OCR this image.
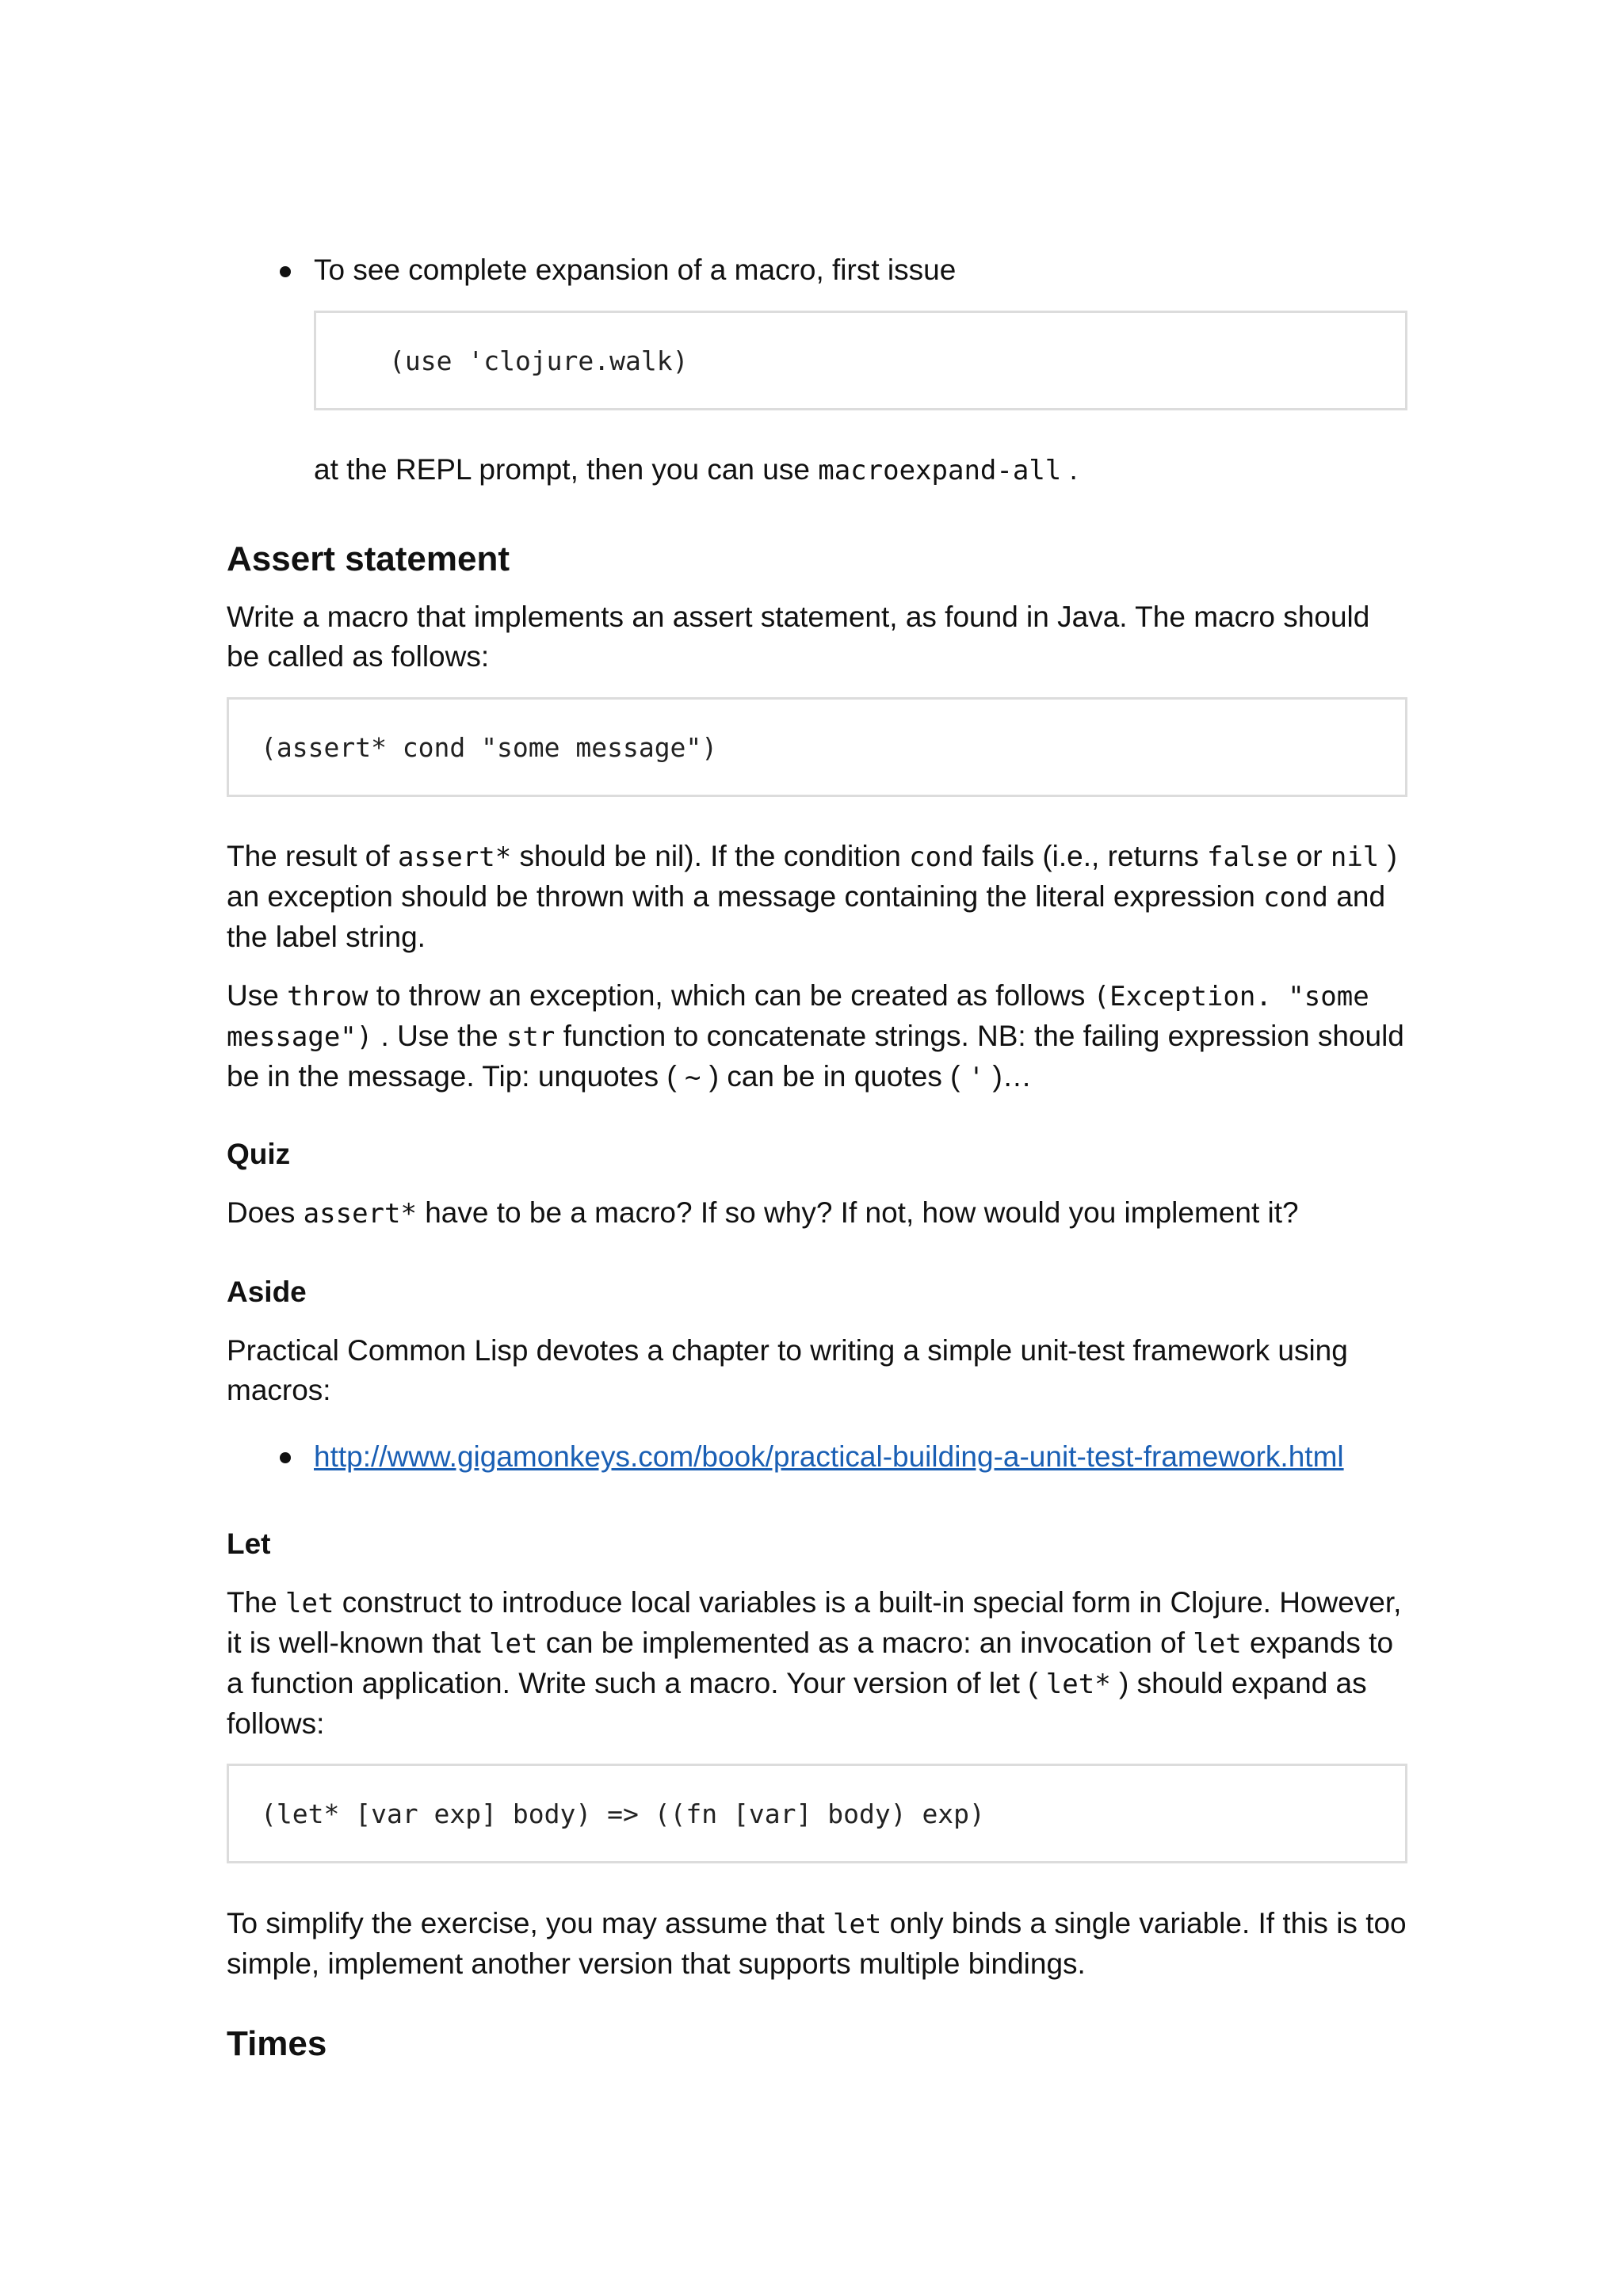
To see complete expansion of a macro, first issue

(use 'clojure.walk)

at the REPL prompt, then you can use macroexpand-all .

Assert statement

Write a macro that implements an assert statement, as found in Java. The macro should be called as follows:

(assert* cond "some message")

The result of assert* should be nil). If the condition cond fails (i.e., returns false or nil ) an exception should be thrown with a message containing the literal expression cond and the label string.

Use throw to throw an exception, which can be created as follows (Exception. "some message") . Use the str function to concatenate strings. NB: the failing expression should be in the message. Tip: unquotes ( ~ ) can be in quotes ( ' )…

Quiz

Does assert* have to be a macro? If so why? If not, how would you implement it?

Aside

Practical Common Lisp devotes a chapter to writing a simple unit-test framework using macros:

http://www.gigamonkeys.com/book/practical-building-a-unit-test-framework.html

Let

The let construct to introduce local variables is a built-in special form in Clojure. However, it is well-known that let can be implemented as a macro: an invocation of let expands to a function application. Write such a macro. Your version of let ( let* ) should expand as follows:

(let* [var exp] body) => ((fn [var] body) exp)

To simplify the exercise, you may assume that let only binds a single variable. If this is too simple, implement another version that supports multiple bindings.

Times
